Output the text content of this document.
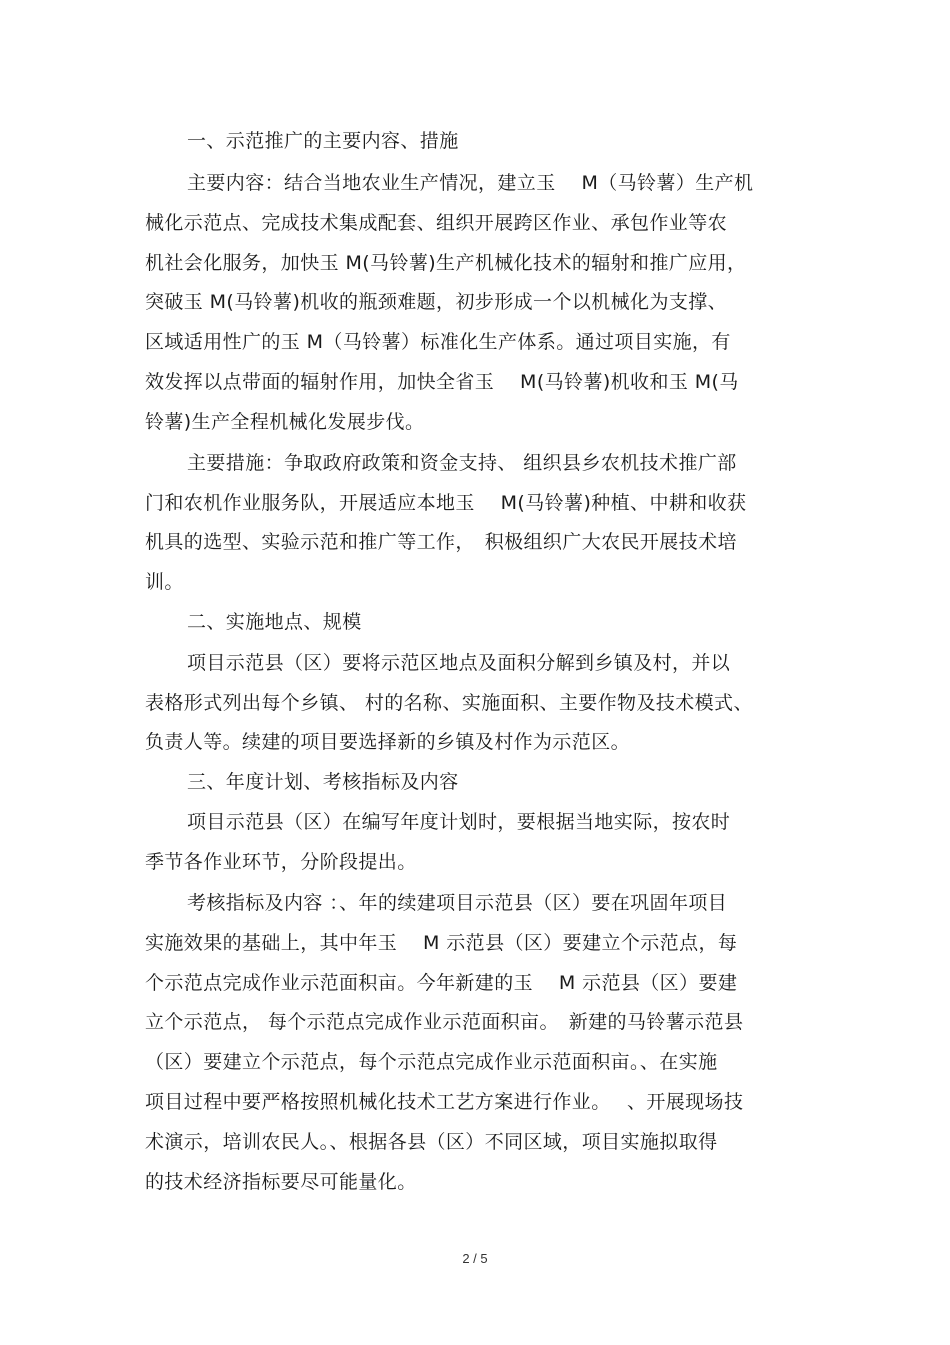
一、示范推广的主要内容、措施
主要内容：结合当地农业生产情况，建立玉　 M（马铃薯）生产机
械化示范点、完成技术集成配套、组织开展跨区作业、承包作业等农
机社会化服务，加快玉 M(马铃薯)生产机械化技术的辐射和推广应用，
突破玉 M(马铃薯)机收的瓶颈难题，初步形成一个以机械化为支撑、
区域适用性广的玉 M（马铃薯）标准化生产体系。通过项目实施，有
效发挥以点带面的辐射作用，加快全省玉　 M(马铃薯)机收和玉 M(马
铃薯)生产全程机械化发展步伐。
主要措施：争取政府政策和资金支持、 组织县乡农机技术推广部
门和农机作业服务队，开展适应本地玉　 M(马铃薯)种植、中耕和收获
机具的选型、实验示范和推广等工作，　积极组织广大农民开展技术培
训。
二、实施地点、规模
项目示范县（区）要将示范区地点及面积分解到乡镇及村，并以
表格形式列出每个乡镇、 村的名称、实施面积、主要作物及技术模式、
负责人等。续建的项目要选择新的乡镇及村作为示范区。
三、年度计划、考核指标及内容
项目示范县（区）在编写年度计划时，要根据当地实际，按农时
季节各作业环节，分阶段提出。
考核指标及内容 ：、年的续建项目示范县（区）要在巩固年项目
实施效果的基础上，其中年玉　 M 示范县（区）要建立个示范点，每
个示范点完成作业示范面积亩。今年新建的玉　 M 示范县（区）要建
立个示范点， 每个示范点完成作业示范面积亩。　新建的马铃薯示范县
（区）要建立个示范点，每个示范点完成作业示范面积亩。、在实施
项目过程中要严格按照机械化技术工艺方案进行作业。　 、开展现场技
术演示，培训农民人。、根据各县（区）不同区域，项目实施拟取得
的技术经济指标要尽可能量化。
2 / 5
